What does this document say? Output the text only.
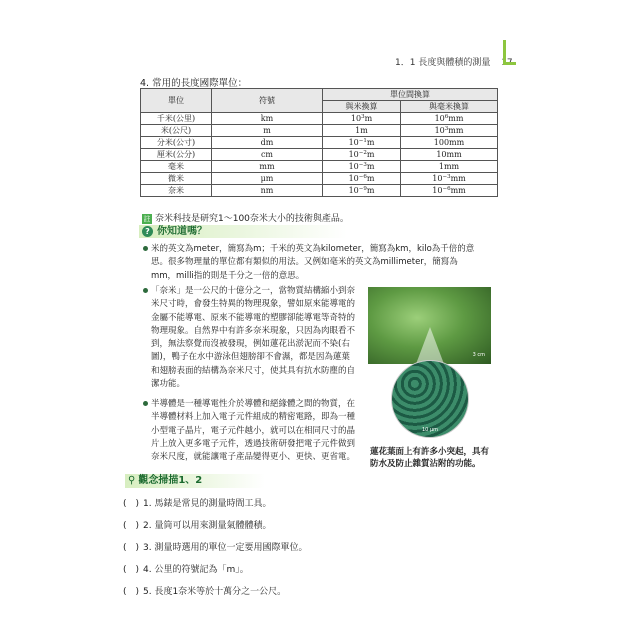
1．1 長度與體積的測量 17
4. 常用的長度國際單位：
單位	符號	單位間換算	
		與米換算	與毫米換算
千米(公里)	km	$10^3m$	$10^6mm$
米(公尺)	m	1m	$10^3mm$
分米(公寸)	dm	$10^{-1}m$	100mm
厘米(公分)	cm	$10^{-2}m$	10mm
毫米	mm	$10^{-3}m$	1mm
微米	μm	$10^{-6}m$	$10^{-3}mm$
奈米	nm	$10^{-9}m$	$10^{-6}mm$
註 奈米科技是研究1～100奈米大小的技術與產品。
? 你知道嗎？
米的英文為meter，簡寫為m；千米的英文為kilometer，簡寫為km，kilo為千倍的意
思。很多物理量的單位都有類似的用法。又例如毫米的英文為millimeter，簡寫為
mm，milli指的則是千分之一倍的意思。
「奈米」是一公尺的十億分之一，當物質結構縮小到奈
米尺寸時，會發生特異的物理現象，譬如原來能導電的
金屬不能導電、原來不能導電的塑膠卻能導電等奇特的
物理現象。自然界中有許多奈米現象，只因為肉眼看不
到，無法察覺而沒被發現，例如蓮花出淤泥而不染(右
圖)，鴨子在水中游泳但翅膀卻不會濕，都是因為蓮葉
和翅膀表面的結構為奈米尺寸，使其具有抗水防塵的自
潔功能。
半導體是一種導電性介於導體和絕緣體之間的物質，在
半導體材料上加入電子元件組成的精密電路，即為一種
小型電子晶片，電子元件越小，就可以在相同尺寸的晶
片上放入更多電子元件，透過技術研發把電子元件做到
奈米尺度，就能讓電子產品變得更小、更快、更省電。
3 cm
10 μm
蓮花葉面上有許多小突起，具有
防水及防止雜質沾附的功能。
⚲ 觀念掃描1、2
(　) 1. 馬錶是常見的測量時間工具。
(　) 2. 量筒可以用來測量氣體體積。
(　) 3. 測量時選用的單位一定要用國際單位。
(　) 4. 公里的符號記為「m」。
(　) 5. 長度1奈米等於十萬分之一公尺。
